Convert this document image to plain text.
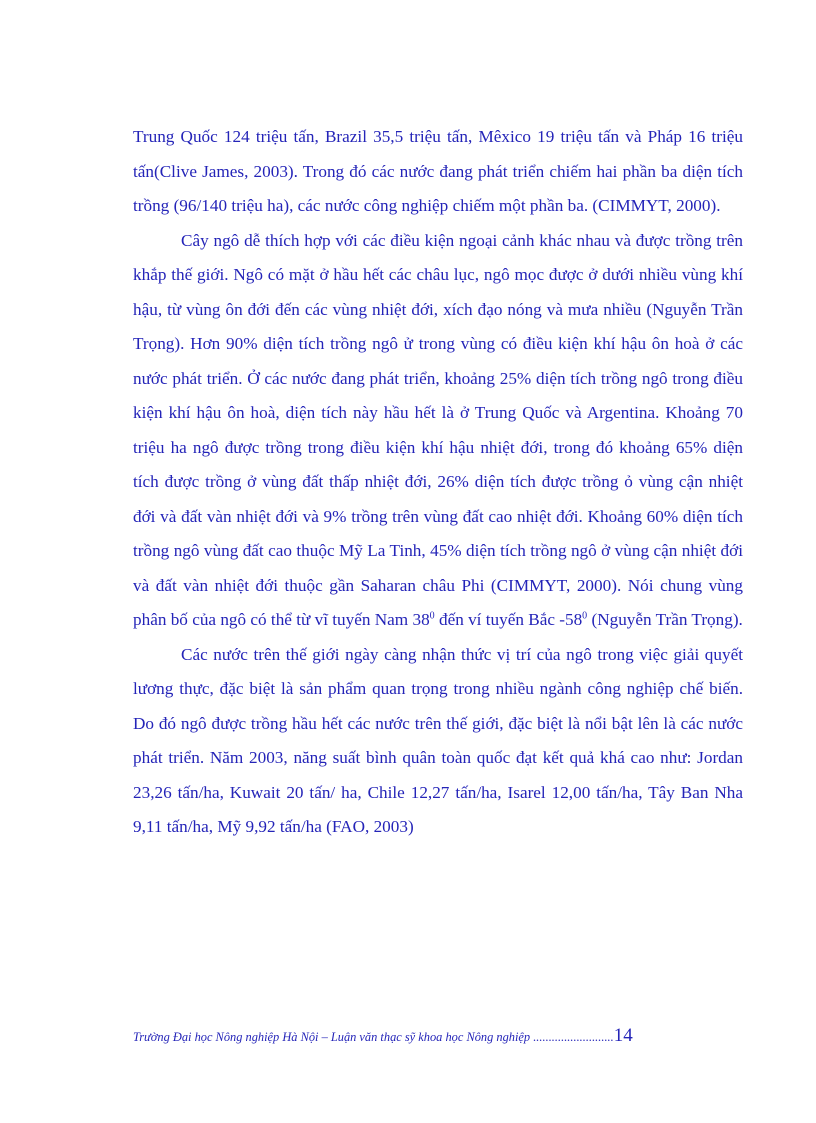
Trung Quốc 124 triệu tấn, Brazil 35,5 triệu tấn, Mêxico 19 triệu tấn và Pháp 16 triệu tấn(Clive James, 2003). Trong đó các nước đang phát triển chiếm hai phần ba diện tích trồng (96/140 triệu ha), các nước công nghiệp chiếm một phần ba. (CIMMYT, 2000).

Cây ngô dễ thích hợp với các điều kiện ngoại cảnh khác nhau và được trồng trên khắp thế giới. Ngô có mặt ở hầu hết các châu lục, ngô mọc được ở dưới nhiều vùng khí hậu, từ vùng ôn đới đến các vùng nhiệt đới, xích đạo nóng và mưa nhiều (Nguyễn Trần Trọng). Hơn 90% diện tích trồng ngô ử trong vùng có điều kiện khí hậu ôn hoà ở các nước phát triển. Ở các nước đang phát triển, khoảng 25% diện tích trồng ngô trong điều kiện khí hậu ôn hoà, diện tích này hầu hết là ở Trung Quốc và Argentina. Khoảng 70 triệu ha ngô được trồng trong điều kiện khí hậu nhiệt đới, trong đó khoảng 65% diện tích được trồng ở vùng đất thấp nhiệt đới, 26% diện tích được trồng ỏ vùng cận nhiệt đới và đất vàn nhiệt đới và 9% trồng trên vùng đất cao nhiệt đới. Khoảng 60% diện tích trồng ngô vùng đất cao thuộc Mỹ La Tinh, 45% diện tích trồng ngô ở vùng cận nhiệt đới và đất vàn nhiệt đới thuộc gần Saharan châu Phi (CIMMYT, 2000). Nói chung vùng phân bố của ngô có thể từ vĩ tuyến Nam $38^0$ đến ví tuyến Bắc $-58^0$ (Nguyễn Trần Trọng).

Các nước trên thế giới ngày càng nhận thức vị trí của ngô trong việc giải quyết lương thực, đặc biệt là sản phẩm quan trọng trong nhiều ngành công nghiệp chế biến. Do đó ngô được trồng hầu hết các nước trên thế giới, đặc biệt là nổi bật lên là các nước phát triển. Năm 2003, năng suất bình quân toàn quốc đạt kết quả khá cao như: Jordan 23,26 tấn/ha, Kuwait 20 tấn/ ha, Chile 12,27 tấn/ha, Isarel 12,00 tấn/ha, Tây Ban Nha 9,11 tấn/ha, Mỹ 9,92 tấn/ha (FAO, 2003)

Trường Đại học Nông nghiệp Hà Nội – Luận văn thạc sỹ khoa học Nông nghiệp ..........................14
